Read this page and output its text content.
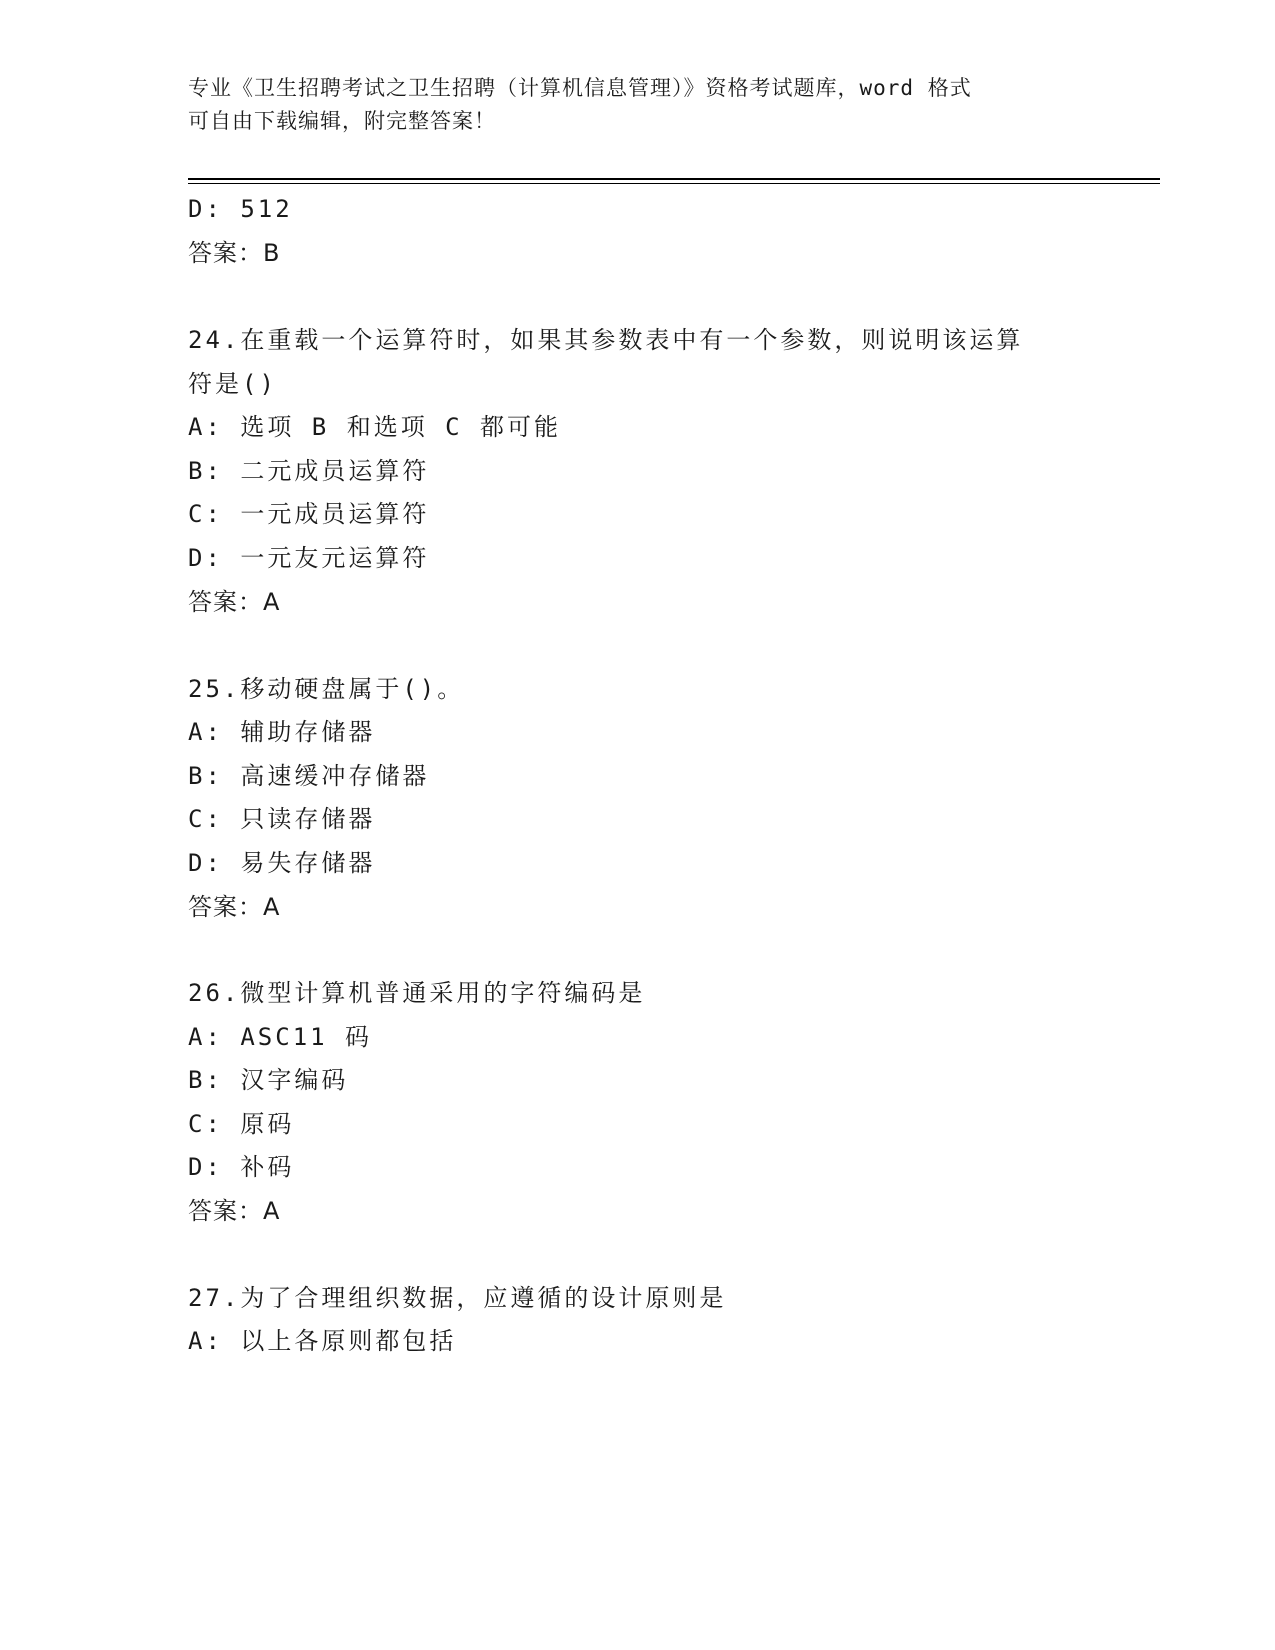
专业《卫生招聘考试之卫生招聘（计算机信息管理）》资格考试题库，word 格式
可自由下载编辑，附完整答案！
D: 512
答案：B
24.在重载一个运算符时，如果其参数表中有一个参数，则说明该运算
符是()
A: 选项 B 和选项 C 都可能
B: 二元成员运算符
C: 一元成员运算符
D: 一元友元运算符
答案：A
25.移动硬盘属于()。
A: 辅助存储器
B: 高速缓冲存储器
C: 只读存储器
D: 易失存储器
答案：A
26.微型计算机普通采用的字符编码是
A: ASC11 码
B: 汉字编码
C: 原码
D: 补码
答案：A
27.为了合理组织数据，应遵循的设计原则是
A: 以上各原则都包括
